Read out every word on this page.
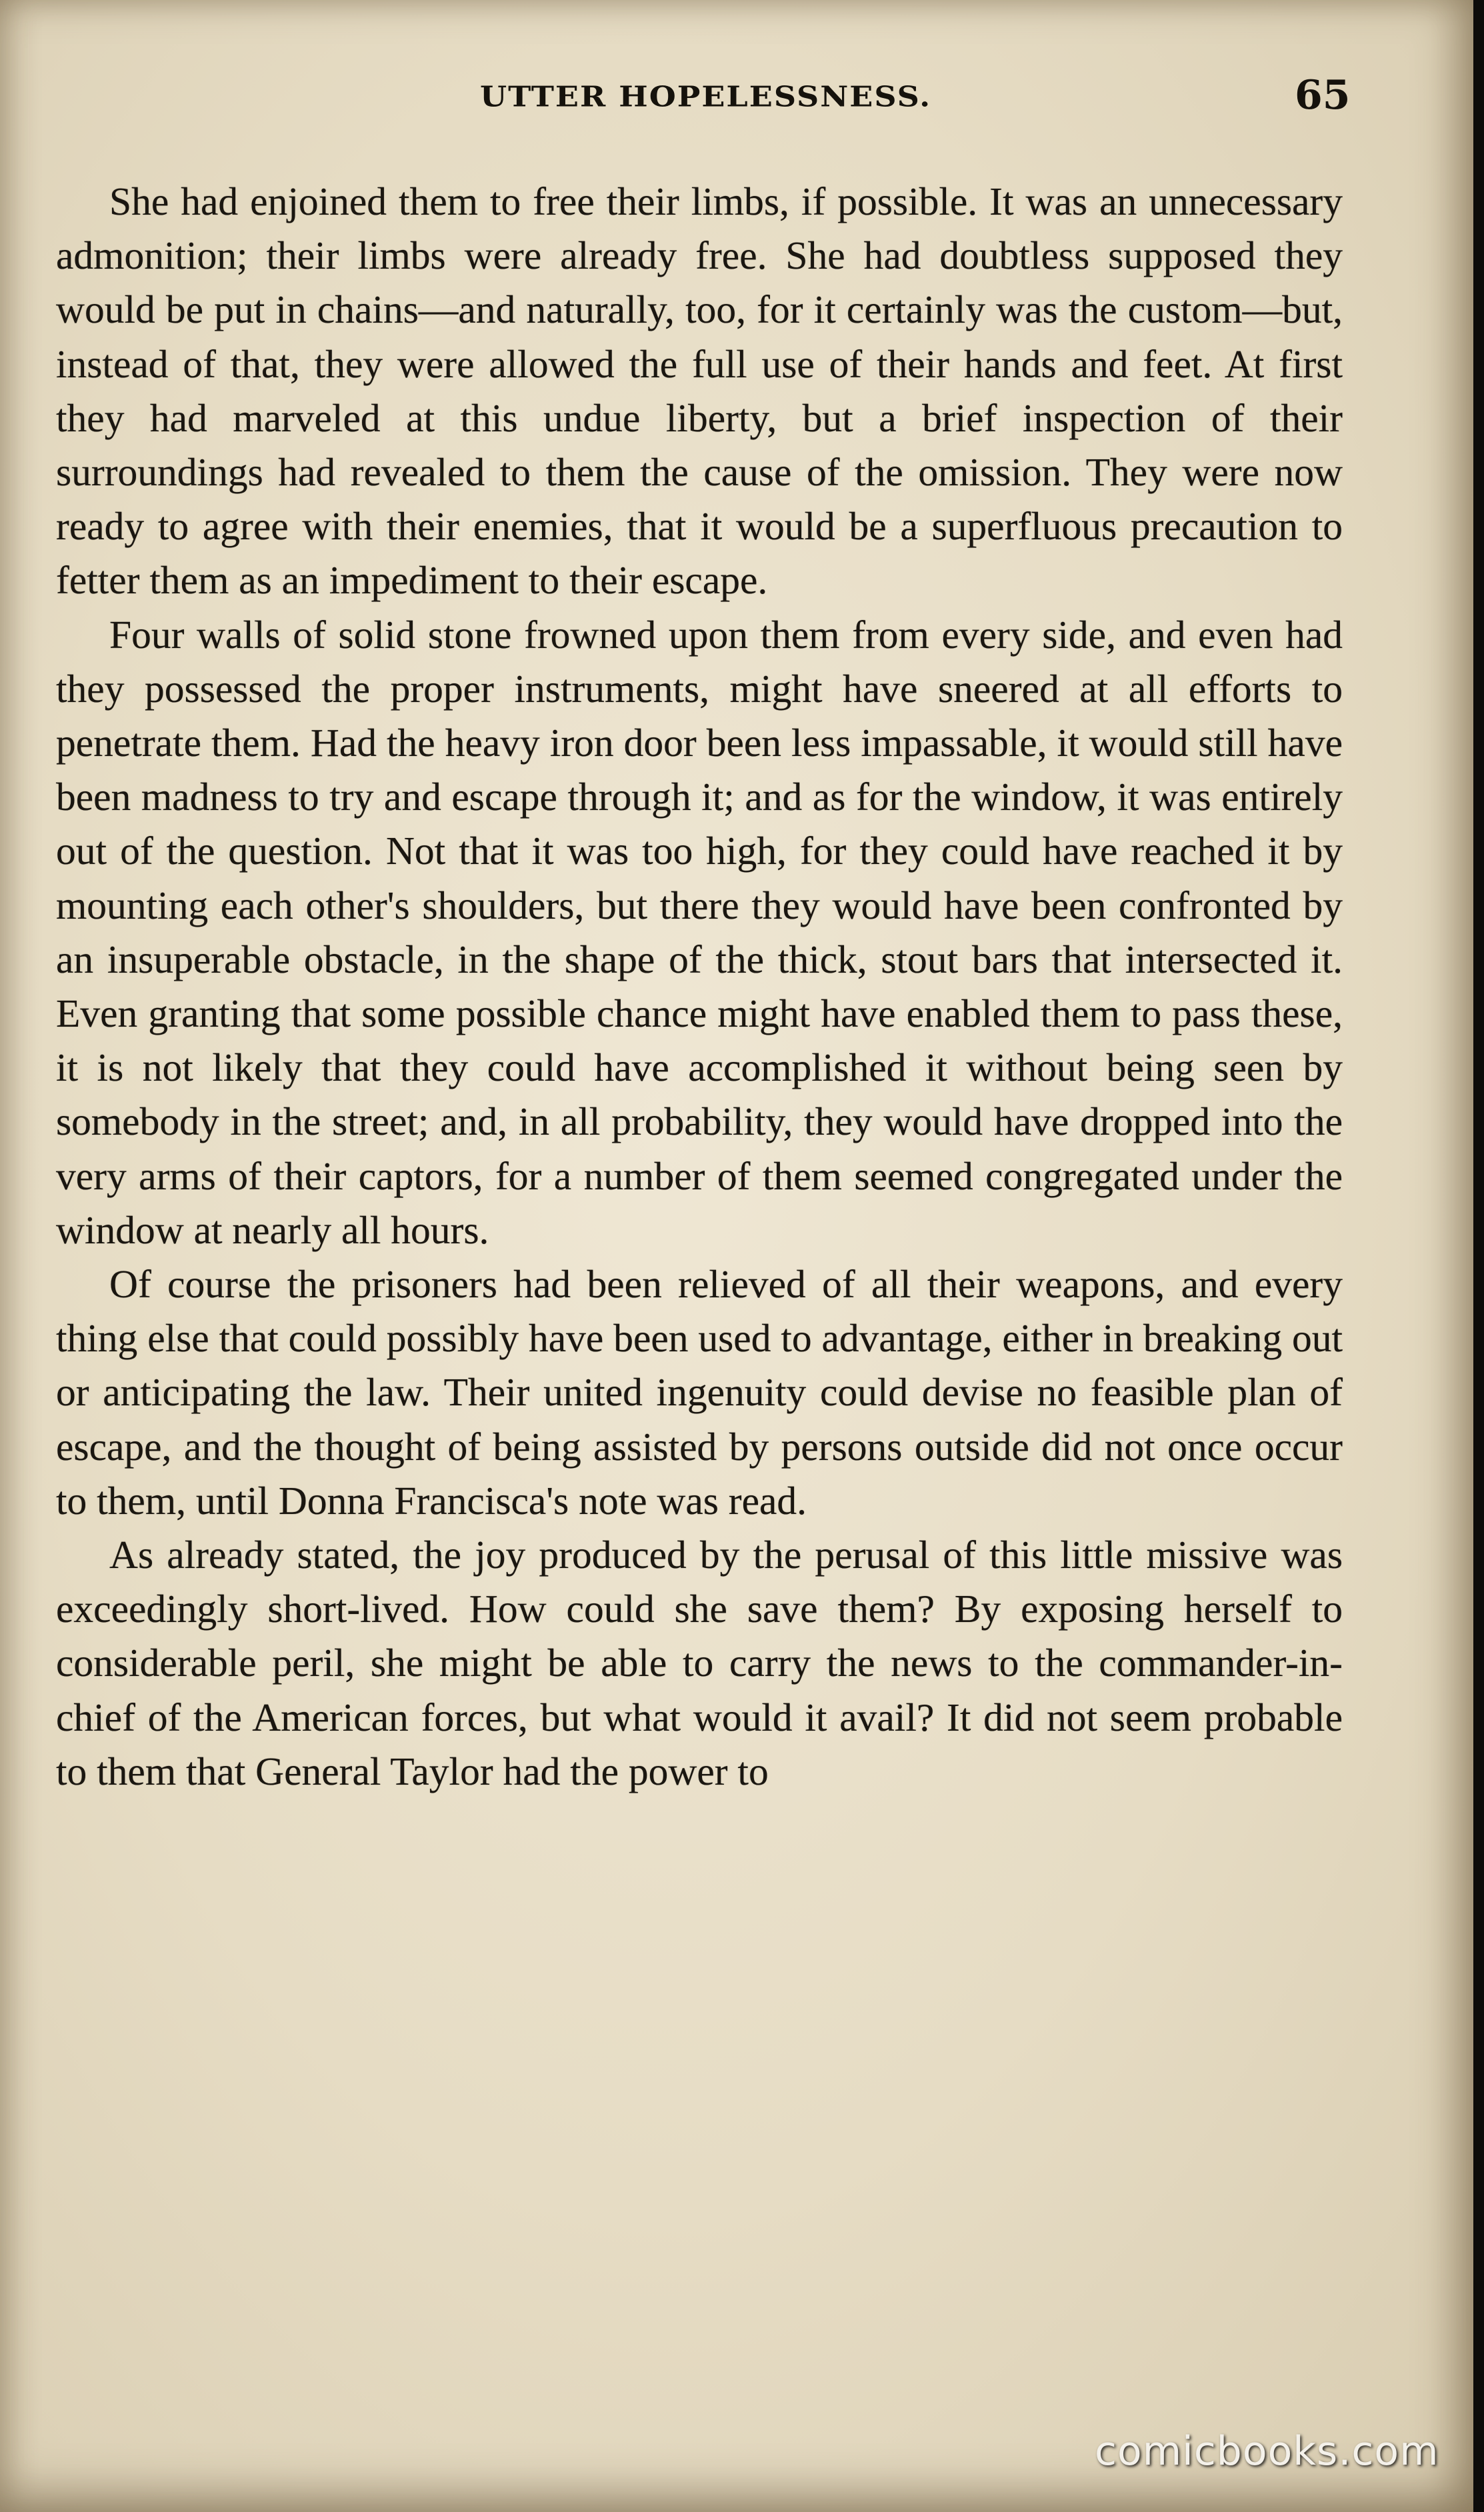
UTTER HOPELESSNESS.	65

She had enjoined them to free their limbs, if possible. It was an unnecessary admonition; their limbs were already free. She had doubtless supposed they would be put in chains—and naturally, too, for it certainly was the custom—but, instead of that, they were allowed the full use of their hands and feet. At first they had marveled at this undue liberty, but a brief inspection of their surroundings had revealed to them the cause of the omission. They were now ready to agree with their enemies, that it would be a superfluous precaution to fetter them as an impediment to their escape.

Four walls of solid stone frowned upon them from every side, and even had they possessed the proper instruments, might have sneered at all efforts to penetrate them. Had the heavy iron door been less impassable, it would still have been madness to try and escape through it; and as for the window, it was entirely out of the question. Not that it was too high, for they could have reached it by mounting each other's shoulders, but there they would have been confronted by an insuperable obstacle, in the shape of the thick, stout bars that intersected it. Even granting that some possible chance might have enabled them to pass these, it is not likely that they could have accomplished it without being seen by somebody in the street; and, in all probability, they would have dropped into the very arms of their captors, for a number of them seemed congregated under the window at nearly all hours.

Of course the prisoners had been relieved of all their weapons, and every thing else that could possibly have been used to advantage, either in breaking out or anticipating the law. Their united ingenuity could devise no feasible plan of escape, and the thought of being assisted by persons outside did not once occur to them, until Donna Francisca's note was read.

As already stated, the joy produced by the perusal of this little missive was exceedingly short-lived. How could she save them? By exposing herself to considerable peril, she might be able to carry the news to the commander-in-chief of the American forces, but what would it avail? It did not seem probable to them that General Taylor had the power to

comicbooks.com
